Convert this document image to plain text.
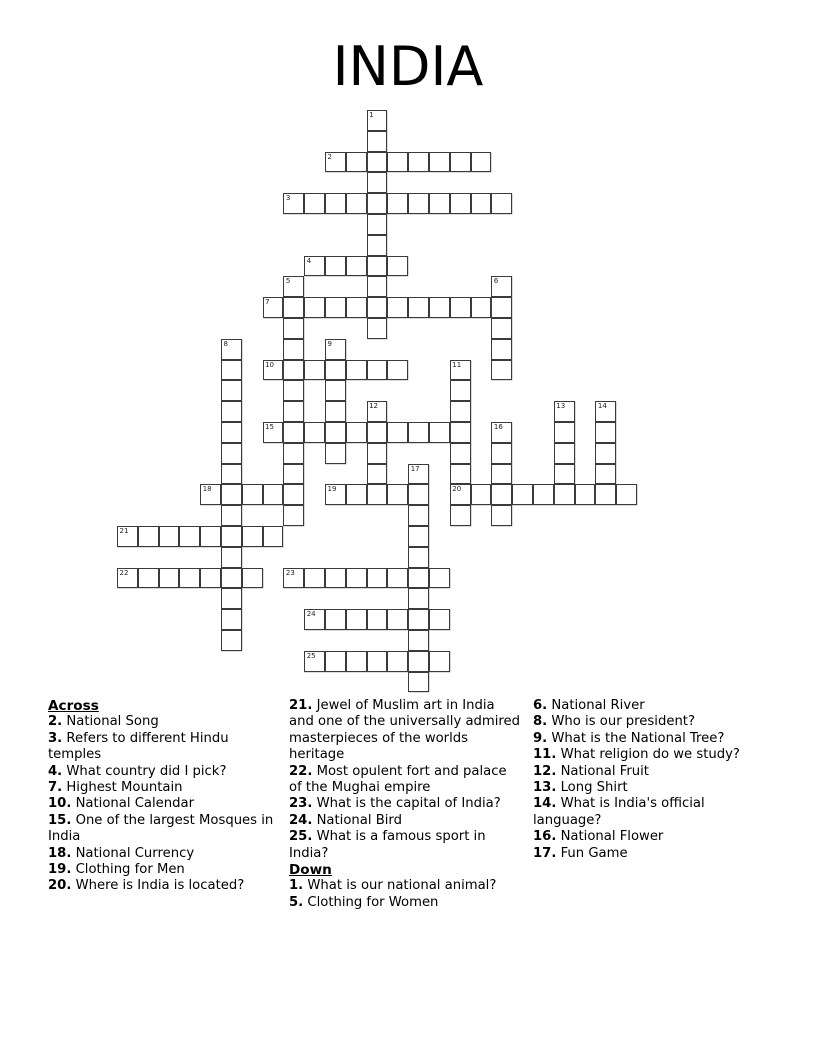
INDIA
1
2
3
4
5	6
7
8	9
10	11
20
12	13	14
15	16
17
18	19
21
22	23
24
25
Across
2. National Song
3. Refers to different Hindu temples
4. What country did I pick?
7. Highest Mountain
10. National Calendar
15. One of the largest Mosques in India
18. National Currency
19. Clothing for Men
20. Where is India is located?
21. Jewel of Muslim art in India and one of the universally admired masterpieces of the worlds heritage
22. Most opulent fort and palace of the Mughai empire
23. What is the capital of India?
24. National Bird
25. What is a famous sport in India?
Down
1. What is our national animal?
5. Clothing for Women
6. National River
8. Who is our president?
9. What is the National Tree?
11. What religion do we study?
12. National Fruit
13. Long Shirt
14. What is India's official language?
16. National Flower
17. Fun Game
